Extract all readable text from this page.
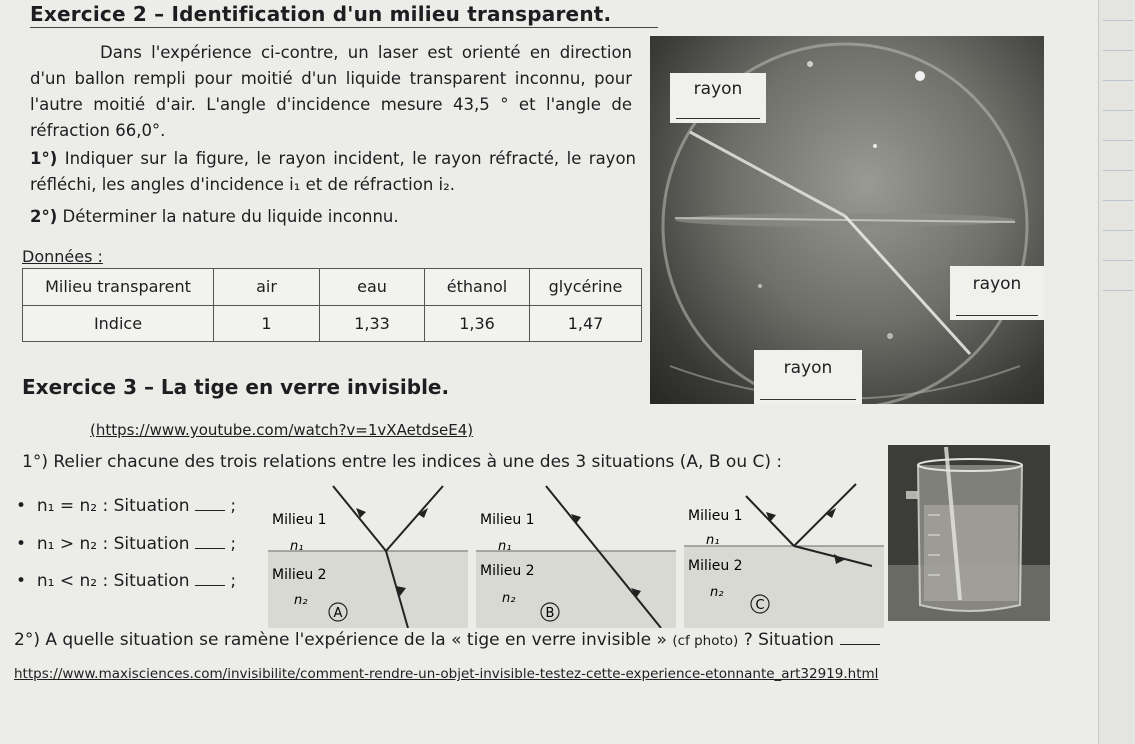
Exercice 2 – Identification d'un milieu transparent.

Dans l'expérience ci-contre, un laser est orienté en direction d'un ballon rempli pour moitié d'un liquide transparent inconnu, pour l'autre moitié d'air. L'angle d'incidence mesure 43,5 ° et l'angle de réfraction 66,0°.

1°) Indiquer sur la figure, le rayon incident, le rayon réfracté, le rayon réfléchi, les angles d'incidence i₁ et de réfraction i₂.
2°) Déterminer la nature du liquide inconnu.
Données :
Milieu transparent	air	eau	éthanol	glycérine
Indice	1	1,33	1,36	1,47
rayon
rayon
rayon
Exercice 3 – La tige en verre invisible.
(https://www.youtube.com/watch?v=1vXAetdseE4)
1°) Relier chacune des trois relations entre les indices à une des 3 situations (A, B ou C) :
•  n₁ = n₂ : Situation ;
•  n₁ > n₂ : Situation ;
•  n₁ < n₂ : Situation ;
Milieu 1
n₁
Milieu 2
n₂
A
Milieu 1
n₁
Milieu 2
n₂
B
Milieu 1
n₁
Milieu 2
n₂
C
2°) A quelle situation se ramène l'expérience de la « tige en verre invisible » (cf photo) ? Situation
https://www.maxisciences.com/invisibilite/comment-rendre-un-objet-invisible-testez-cette-experience-etonnante_art32919.html
